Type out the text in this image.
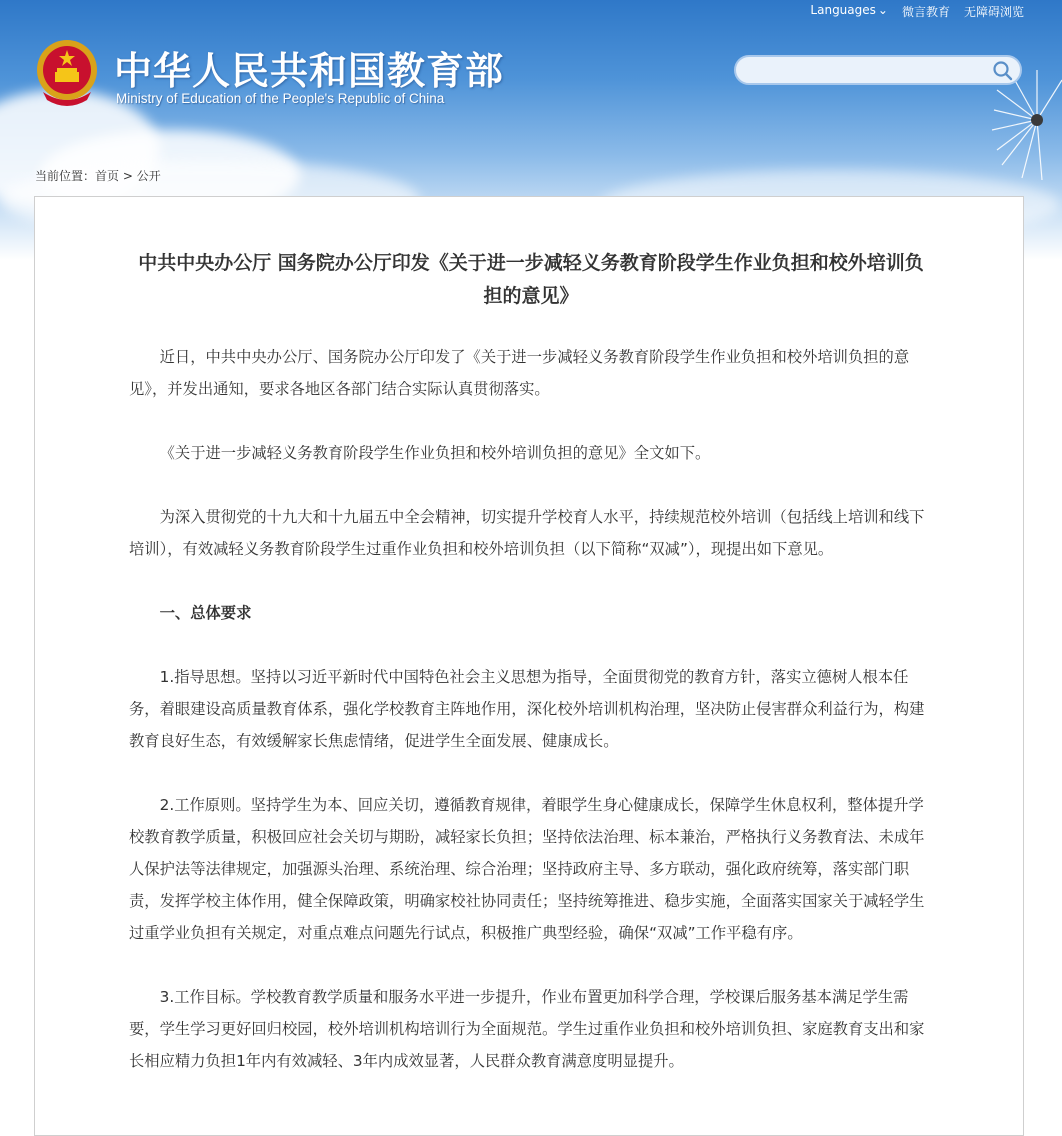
Languages ⌄ 微言教育 无障碍浏览
中华人民共和国教育部
Ministry of Education of the People's Republic of China
当前位置：首页 > 公开
中共中央办公厅 国务院办公厅印发《关于进一步减轻义务教育阶段学生作业负担和校外培训负担的意见》

近日，中共中央办公厅、国务院办公厅印发了《关于进一步减轻义务教育阶段学生作业负担和校外培训负担的意见》，并发出通知，要求各地区各部门结合实际认真贯彻落实。

《关于进一步减轻义务教育阶段学生作业负担和校外培训负担的意见》全文如下。

为深入贯彻党的十九大和十九届五中全会精神，切实提升学校育人水平，持续规范校外培训（包括线上培训和线下培训），有效减轻义务教育阶段学生过重作业负担和校外培训负担（以下简称“双减”），现提出如下意见。

一、总体要求

1.指导思想。坚持以习近平新时代中国特色社会主义思想为指导，全面贯彻党的教育方针，落实立德树人根本任务，着眼建设高质量教育体系，强化学校教育主阵地作用，深化校外培训机构治理，坚决防止侵害群众利益行为，构建教育良好生态，有效缓解家长焦虑情绪，促进学生全面发展、健康成长。

2.工作原则。坚持学生为本、回应关切，遵循教育规律，着眼学生身心健康成长，保障学生休息权利，整体提升学校教育教学质量，积极回应社会关切与期盼，减轻家长负担；坚持依法治理、标本兼治，严格执行义务教育法、未成年人保护法等法律规定，加强源头治理、系统治理、综合治理；坚持政府主导、多方联动，强化政府统筹，落实部门职责，发挥学校主体作用，健全保障政策，明确家校社协同责任；坚持统筹推进、稳步实施，全面落实国家关于减轻学生过重学业负担有关规定，对重点难点问题先行试点，积极推广典型经验，确保“双减”工作平稳有序。

3.工作目标。学校教育教学质量和服务水平进一步提升，作业布置更加科学合理，学校课后服务基本满足学生需要，学生学习更好回归校园，校外培训机构培训行为全面规范。学生过重作业负担和校外培训负担、家庭教育支出和家长相应精力负担1年内有效减轻、3年内成效显著，人民群众教育满意度明显提升。
